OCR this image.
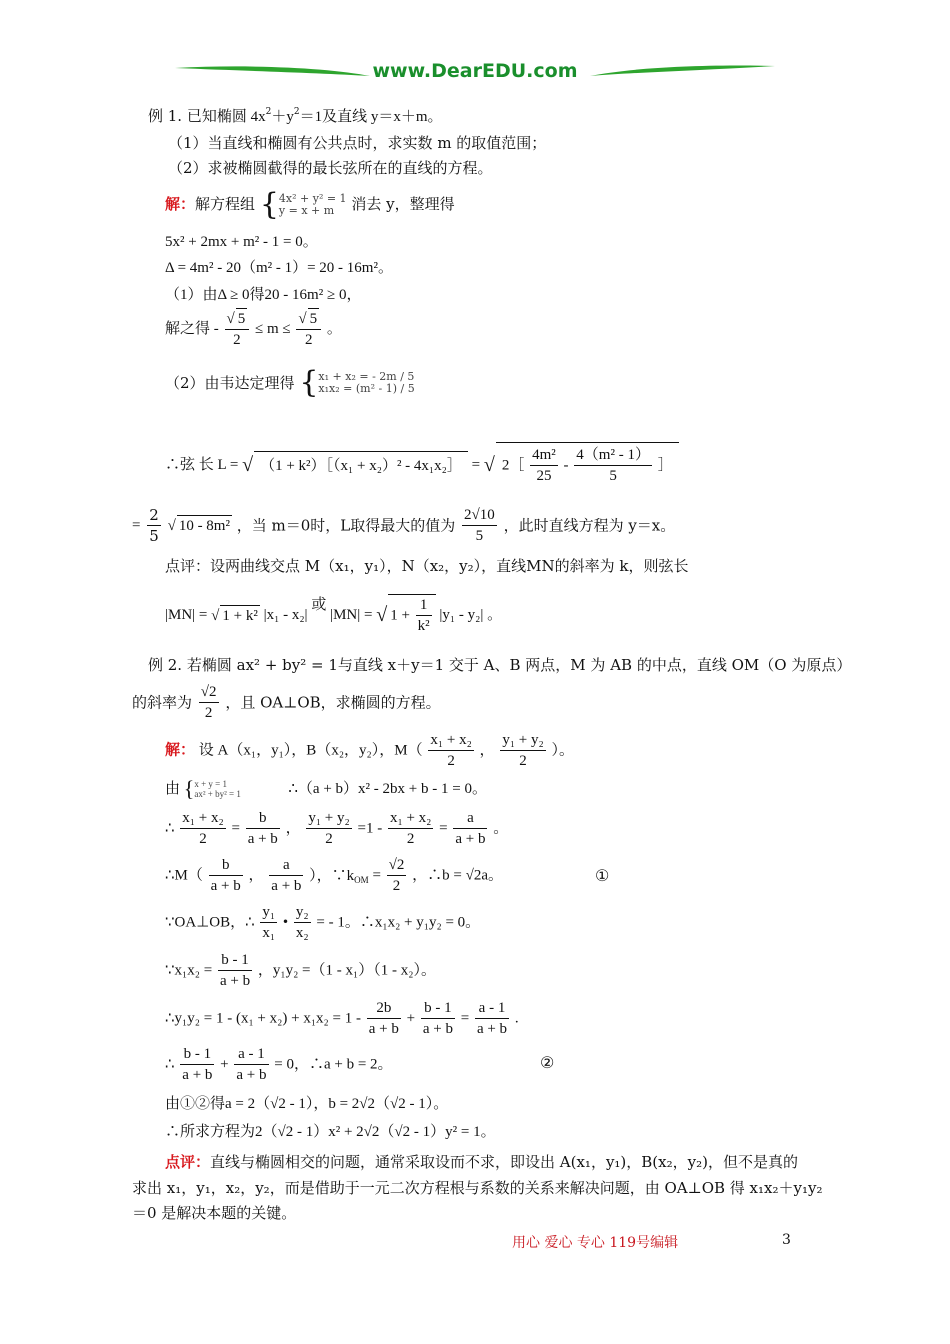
www.DearEDU.com
例 1. 已知椭圆 $4x^2+y^2=1$及直线 y＝x＋m。
（1）当直线和椭圆有公共点时，求实数 m 的取值范围；
（2）求被椭圆截得的最长弦所在的直线的方程。
解：解方程组 {4x² + y² = 1
y = x + m 消去 y，整理得
5x² + 2mx + m² - 1 = 0。
Δ = 4m² - 20（m² - 1）= 20 - 16m²。
（1）由Δ ≥ 0得20 - 16m² ≥ 0，
解之得 - $\frac{√ 5}{2} \le m \le \frac{√ 5}{2}$ 。
（2）由韦达定理得 {x₁ + x₂ = - 2m / 5
x₁x₂ = (m² - 1) / 5
∴弦 长 L = √ （1 + k²）［（x₁ + x₂）² - 4x₁x₂］ = √ 2［ $\frac{\text{4m²}}{25} - \frac{\text{4（m² - 1）}}{5}$ ］
= $\frac{2}{5}$ √ 10 - 8m² ，当 m＝0时，L取得最大的值为 $\frac{2√10}{5}$ ，此时直线方程为 y＝x。
点评：设两曲线交点 M（x₁，y₁），N（x₂，y₂），直线MN的斜率为 k，则弦长
|MN| = √ 1 + k² |x₁ - x₂| 或 |MN| = √ $1 + \frac{1}{\text{k²}} |y_1 - y_2|$ 。
例 2. 若椭圆 ax² + by² = 1与直线 x＋y＝1 交于 A、B 两点，M 为 AB 的中点，直线 OM（O 为原点）
的斜率为 $\frac{√2}{2}$ ，且 OA⊥OB，求椭圆的方程。
解： 设 A（x₁，y₁），B（x₂，y₂），$M( \frac{\text{x₁ + x₂}}{2}$ ， $\frac{\text{y₁ + y₂}}{2}$ ）。
由 {x + y = 1
ax² + by² = 1	∴（a + b）x² - 2bx + b - 1 = 0。
∴ $\frac{\text{x₁ + x₂}}{2} = \frac{b}{a + b}$ ， $\frac{\text{y₁ + y₂}}{2} =1 - \frac{\text{x₁ + x₂}}{2} = \frac{a}{a + b}$ 。
∴M（ $\frac{b}{a + b}$ ， $\frac{a}{a + b}$ ），$\because k_{OM} = \frac{√2}{2}$ ，∴b = √2a。	①
∵OA⊥OB，∴ $\frac{\text{y₁}}{\text{x₁}}$ • $\frac{\text{y₂}}{\text{x₂}}$ = - 1。∴x₁x₂ + y₁y₂ = 0。
∵x₁x₂ = $\frac{b - 1}{a + b}$ ，y₁y₂ =（1 - x₁）（1 - x₂）。
∴y₁y₂ = $1 - (x_1 + x_2) + x_1x_2 = 1 - \frac{2b}{a + b} + \frac{b - 1}{a + b} = \frac{a - 1}{a + b}$ .
∴ $\frac{b - 1}{a + b} + \frac{a - 1}{a + b} = 0$，∴a + b = 2。	②
由①②得a = 2（√2 - 1），b = 2√2（√2 - 1）。
∴所求方程为2（√2 - 1）x² + 2√2（√2 - 1）y² = 1。
点评：直线与椭圆相交的问题，通常采取设而不求，即设出 A(x₁，y₁)，B(x₂，y₂)，但不是真的
求出 x₁，y₁，x₂，y₂，而是借助于一元二次方程根与系数的关系来解决问题，由 OA⊥OB 得 x₁x₂＋y₁y₂
＝0 是解决本题的关键。
用心 爱心 专心 119号编辑	3
